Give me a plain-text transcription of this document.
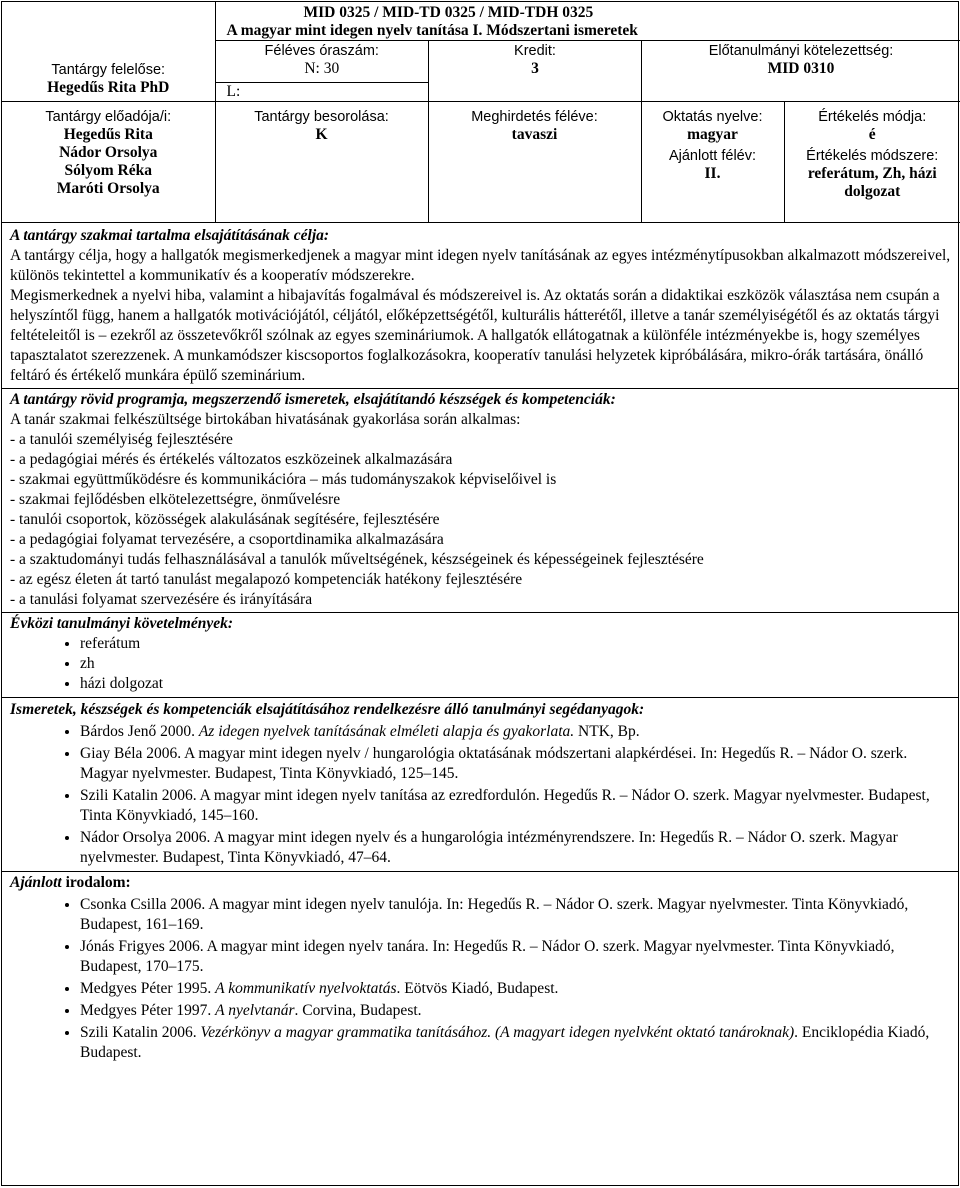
Tantárgy felelőse:
Hegedűs Rita PhD

MID 0325 / MID-TD 0325 / MID-TDH 0325
A magyar mint idegen nyelv tanítása I. Módszertani ismeretek
Féléves óraszám:
N: 30
L:

Kredit:
3

Előtanulmányi kötelezettség:
MID 0310

Tantárgy előadója/i:
Hegedűs Rita
Nádor Orsolya
Sólyom Réka
Maróti Orsolya

Tantárgy besorolása:
K

Meghirdetés féléve:
tavaszi

Oktatás nyelve:
magyar
Ajánlott félév:
II.

Értékelés módja:
é
Értékelés módszere:
referátum, Zh, házi dolgozat
A tantárgy szakmai tartalma elsajátításának célja:

A tantárgy célja, hogy a hallgatók megismerkedjenek a magyar mint idegen nyelv tanításának az egyes intézménytípusokban alkalmazott módszereivel, különös tekintettel a kommunikatív és a kooperatív módszerekre.

Megismerkednek a nyelvi hiba, valamint a hibajavítás fogalmával és módszereivel is. Az oktatás során a didaktikai eszközök választása nem csupán a helyszíntől függ, hanem a hallgatók motivációjától, céljától, előképzettségétől, kulturális hátterétől, illetve a tanár személyiségétől és az oktatás tárgyi feltételeitől is – ezekről az összetevőkről szólnak az egyes szemináriumok. A hallgatók ellátogatnak a különféle intézményekbe is, hogy személyes tapasztalatot szerezzenek. A munkamódszer kiscsoportos foglalkozásokra, kooperatív tanulási helyzetek kipróbálására, mikro-órák tartására, önálló feltáró és értékelő munkára épülő szeminárium.

A tantárgy rövid programja, megszerzendő ismeretek, elsajátítandó készségek és kompetenciák:

A tanár szakmai felkészültsége birtokában hivatásának gyakorlása során alkalmas:

- a tanulói személyiség fejlesztésére
- a pedagógiai mérés és értékelés változatos eszközeinek alkalmazására
- szakmai együttműködésre és kommunikációra – más tudományszakok képviselőivel is
- szakmai fejlődésben elkötelezettségre, önművelésre
- tanulói csoportok, közösségek alakulásának segítésére, fejlesztésére
- a pedagógiai folyamat tervezésére, a csoportdinamika alkalmazására
- a szaktudományi tudás felhasználásával a tanulók műveltségének, készségeinek és képességeinek fejlesztésére
- az egész életen át tartó tanulást megalapozó kompetenciák hatékony fejlesztésére
- a tanulási folyamat szervezésére és irányítására
Évközi tanulmányi követelmények:
• referátum
• zh
• házi dolgozat
Ismeretek, készségek és kompetenciák elsajátításához rendelkezésre álló tanulmányi segédanyagok:
• Bárdos Jenő 2000. Az idegen nyelvek tanításának elméleti alapja és gyakorlata. NTK, Bp.
• Giay Béla 2006. A magyar mint idegen nyelv / hungarológia oktatásának módszertani alapkérdései. In: Hegedűs R. – Nádor O. szerk. Magyar nyelvmester. Budapest, Tinta Könyvkiadó, 125–145.
• Szili Katalin 2006. A magyar mint idegen nyelv tanítása az ezredfordulón. Hegedűs R. – Nádor O. szerk. Magyar nyelvmester. Budapest, Tinta Könyvkiadó, 145–160.
• Nádor Orsolya 2006. A magyar mint idegen nyelv és a hungarológia intézményrendszere. In: Hegedűs R. – Nádor O. szerk. Magyar nyelvmester. Budapest, Tinta Könyvkiadó, 47–64.
Ajánlott irodalom:
• Csonka Csilla 2006. A magyar mint idegen nyelv tanulója. In: Hegedűs R. – Nádor O. szerk. Magyar nyelvmester. Tinta Könyvkiadó, Budapest, 161–169.
• Jónás Frigyes 2006. A magyar mint idegen nyelv tanára. In: Hegedűs R. – Nádor O. szerk. Magyar nyelvmester. Tinta Könyvkiadó, Budapest, 170–175.
• Medgyes Péter 1995. A kommunikatív nyelvoktatás. Eötvös Kiadó, Budapest.
• Medgyes Péter 1997. A nyelvtanár. Corvina, Budapest.
• Szili Katalin 2006. Vezérkönyv a magyar grammatika tanításához. (A magyart idegen nyelvként oktató tanároknak). Enciklopédia Kiadó, Budapest.
